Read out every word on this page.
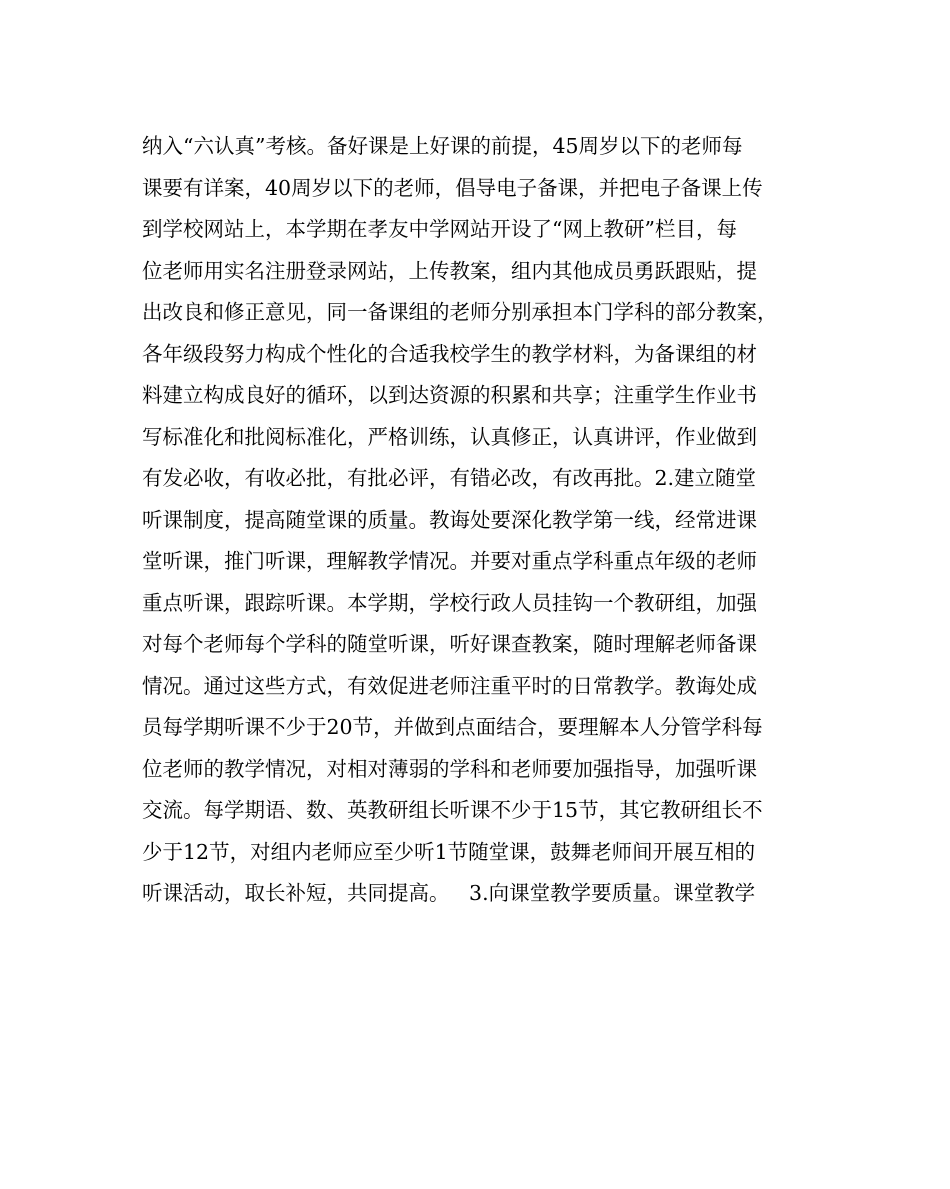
纳入“六认真”考核。备好课是上好课的前提，45周岁以下的老师每
课要有详案，40周岁以下的老师，倡导电子备课，并把电子备课上传
到学校网站上，本学期在孝友中学网站开设了“网上教研”栏目，每
位老师用实名注册登录网站，上传教案，组内其他成员勇跃跟贴，提
出改良和修正意见，同一备课组的老师分别承担本门学科的部分教案，
各年级段努力构成个性化的合适我校学生的教学材料，为备课组的材
料建立构成良好的循环，以到达资源的积累和共享；注重学生作业书
写标准化和批阅标准化，严格训练，认真修正，认真讲评，作业做到
有发必收，有收必批，有批必评，有错必改，有改再批。2.建立随堂
听课制度，提高随堂课的质量。教诲处要深化教学第一线，经常进课
堂听课，推门听课，理解教学情况。并要对重点学科重点年级的老师
重点听课，跟踪听课。本学期，学校行政人员挂钩一个教研组，加强
对每个老师每个学科的随堂听课，听好课查教案，随时理解老师备课
情况。通过这些方式，有效促进老师注重平时的日常教学。教诲处成
员每学期听课不少于20节，并做到点面结合，要理解本人分管学科每
位老师的教学情况，对相对薄弱的学科和老师要加强指导，加强听课
交流。每学期语、数、英教研组长听课不少于15节，其它教研组长不
少于12节，对组内老师应至少听1节随堂课，鼓舞老师间开展互相的
听课活动，取长补短，共同提高。   3.向课堂教学要质量。课堂教学
